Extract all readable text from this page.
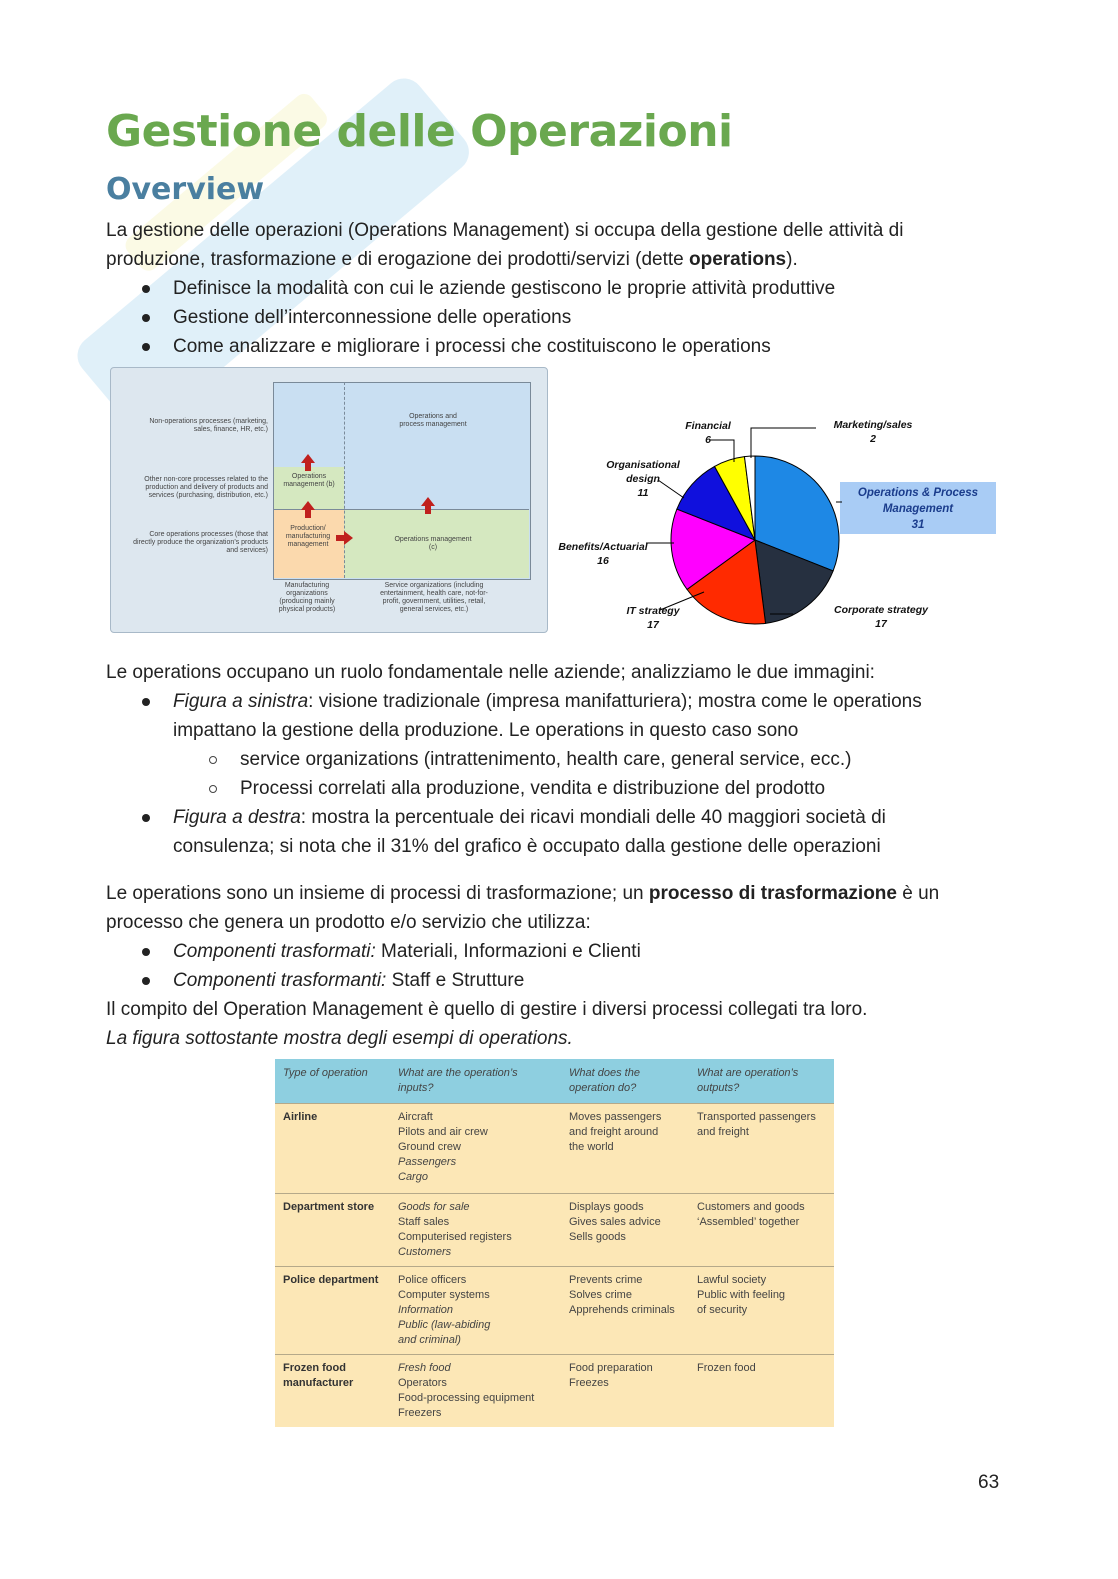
Gestione delle Operazioni
Overview
La gestione delle operazioni (Operations Management) si occupa della gestione delle attività di
produzione, trasformazione e di erogazione dei prodotti/servizi (dette operations).
Definisce la modalità con cui le aziende gestiscono le proprie attività produttive
Gestione dell’interconnessione delle operations
Come analizzare e migliorare i processi che costituiscono le operations
Non-operations processes (marketing, sales, finance, HR, etc.)
Other non-core processes related to the production and delivery of products and services (purchasing, distribution, etc.)
Core operations processes (those that directly produce the organization’s products and services)
Operations and process management
Operations management (b)
Production/ manufacturing management
Operations management (c)
Manufacturing organizations (producing mainly physical products)
Service organizations (including entertainment, health care, not-for-profit, government, utilities, retail, general services, etc.)
Financial
6
Marketing/sales
2
Organisational
design
11
Benefits/Actuarial
16
IT strategy
17
Corporate strategy
17
Operations & Process
Management
31
Le operations occupano un ruolo fondamentale nelle aziende; analizziamo le due immagini:
Figura a sinistra: visione tradizionale (impresa manifatturiera); mostra come le operations
impattano la gestione della produzione. Le operations in questo caso sono
service organizations (intrattenimento, health care, general service, ecc.)
Processi correlati alla produzione, vendita e distribuzione del prodotto
Figura a destra: mostra la percentuale dei ricavi mondiali delle 40 maggiori società di
consulenza; si nota che il 31% del grafico è occupato dalla gestione delle operazioni
Le operations sono un insieme di processi di trasformazione; un processo di trasformazione è un
processo che genera un prodotto e/o servizio che utilizza:
Componenti trasformati: Materiali, Informazioni e Clienti
Componenti trasformanti: Staff e Strutture
Il compito del Operation Management è quello di gestire i diversi processi collegati tra loro.
La figura sottostante mostra degli esempi di operations.
Type of operation	What are the operation’s inputs?	What does the operation do?	What are operation’s outputs?
Airline	Aircraft
Pilots and air crew
Ground crew
Passengers
Cargo	Moves passengers
and freight around
the world	Transported passengers
and freight

Department store	Goods for sale
Staff sales
Computerised registers
Customers	Displays goods
Gives sales advice
Sells goods	Customers and goods
‘Assembled’ together

Police department	Police officers
Computer systems
Information
Public (law-abiding
and criminal)	Prevents crime
Solves crime
Apprehends criminals	Lawful society
Public with feeling
of security

Frozen food manufacturer	Fresh food
Operators
Food-processing equipment
Freezers	Food preparation
Freezes	Frozen food
63
